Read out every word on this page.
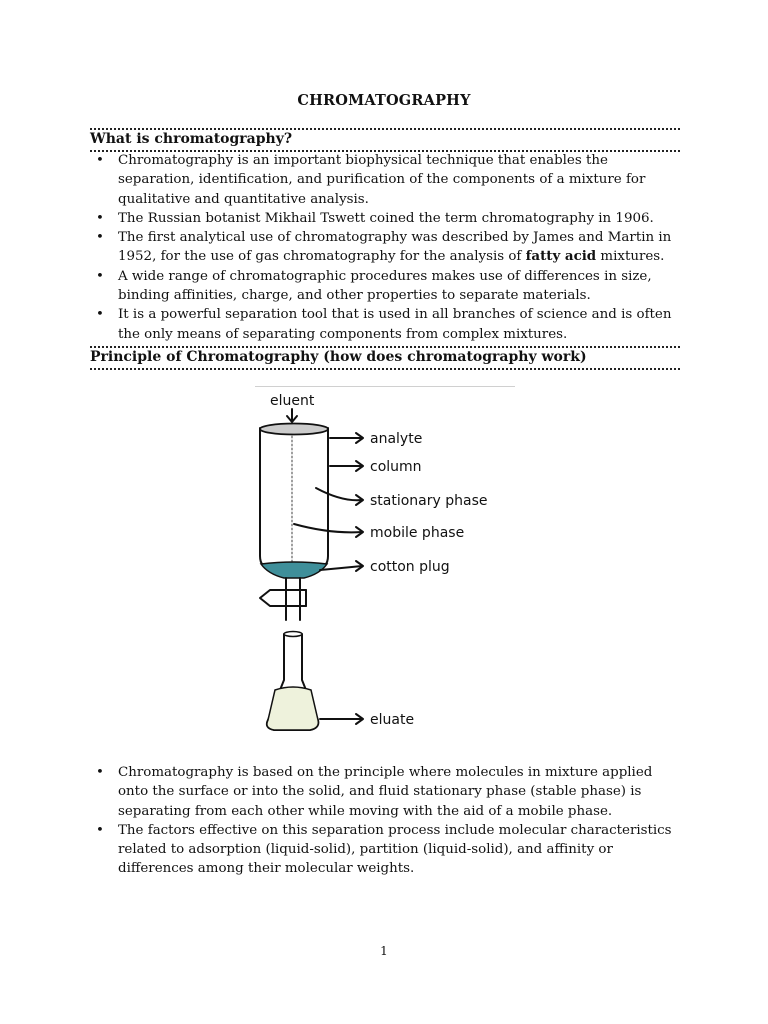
CHROMATOGRAPHY
What is chromatography?
• Chromatography is an important biophysical technique that enables the separation, identification, and purification of the components of a mixture for qualitative and quantitative analysis.
• The Russian botanist Mikhail Tswett coined the term chromatography in 1906.
• The first analytical use of chromatography was described by James and Martin in 1952, for the use of gas chromatography for the analysis of fatty acid mixtures.
• A wide range of chromatographic procedures makes use of differences in size, binding affinities, charge, and other properties to separate materials.
• It is a powerful separation tool that is used in all branches of science and is often the only means of separating components from complex mixtures.
Principle of Chromatography (how does chromatography work)
eluent
analyte
column
stationary phase
mobile phase
cotton plug
eluate
• Chromatography is based on the principle where molecules in mixture applied onto the surface or into the solid, and fluid stationary phase (stable phase) is separating from each other while moving with the aid of a mobile phase.
• The factors effective on this separation process include molecular characteristics related to adsorption (liquid-solid), partition (liquid-solid), and affinity or differences among their molecular weights.
1
